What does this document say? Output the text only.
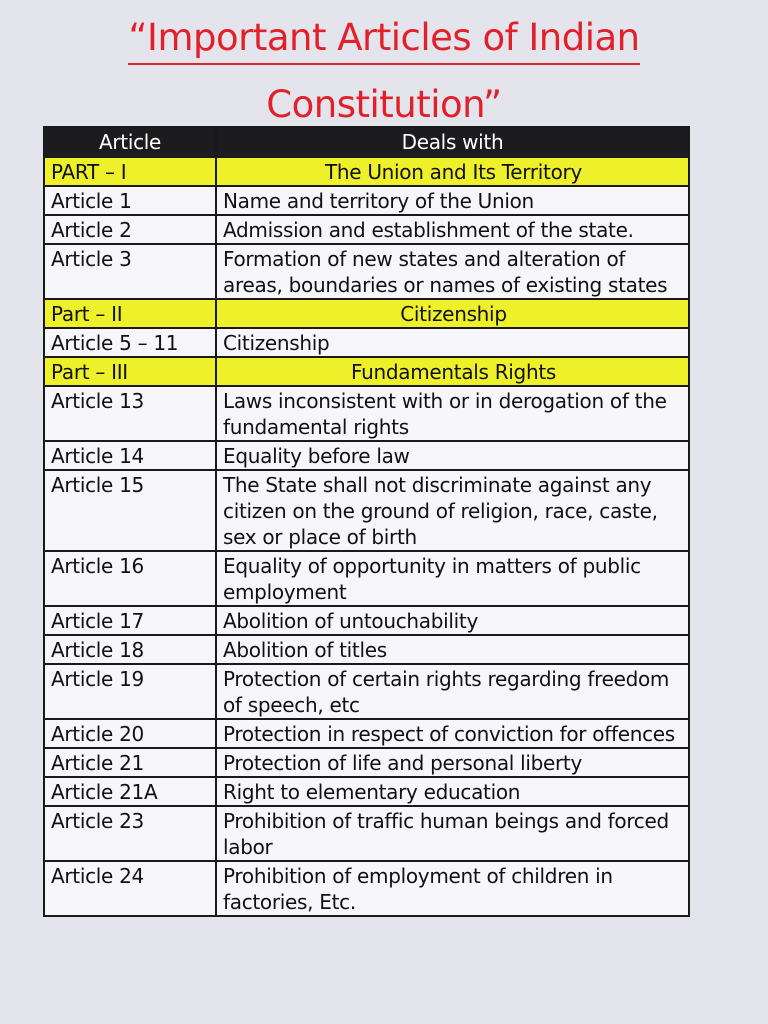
“Important Articles of Indian
Constitution”
Article	Deals with
PART – I	The Union and Its Territory
Article 1	Name and territory of the Union
Article 2	Admission and establishment of the state.
Article 3	Formation of new states and alteration of areas, boundaries or names of existing states
Part – II	Citizenship
Article 5 – 11	Citizenship
Part – III	Fundamentals Rights
Article 13	Laws inconsistent with or in derogation of the fundamental rights
Article 14	Equality before law
Article 15	The State shall not discriminate against any citizen on the ground of religion, race, caste, sex or place of birth
Article 16	Equality of opportunity in matters of public employment
Article 17	Abolition of untouchability
Article 18	Abolition of titles
Article 19	Protection of certain rights regarding freedom of speech, etc
Article 20	Protection in respect of conviction for offences
Article 21	Protection of life and personal liberty
Article 21A	Right to elementary education
Article 23	Prohibition of traffic human beings and forced labor
Article 24	Prohibition of employment of children in factories, Etc.
